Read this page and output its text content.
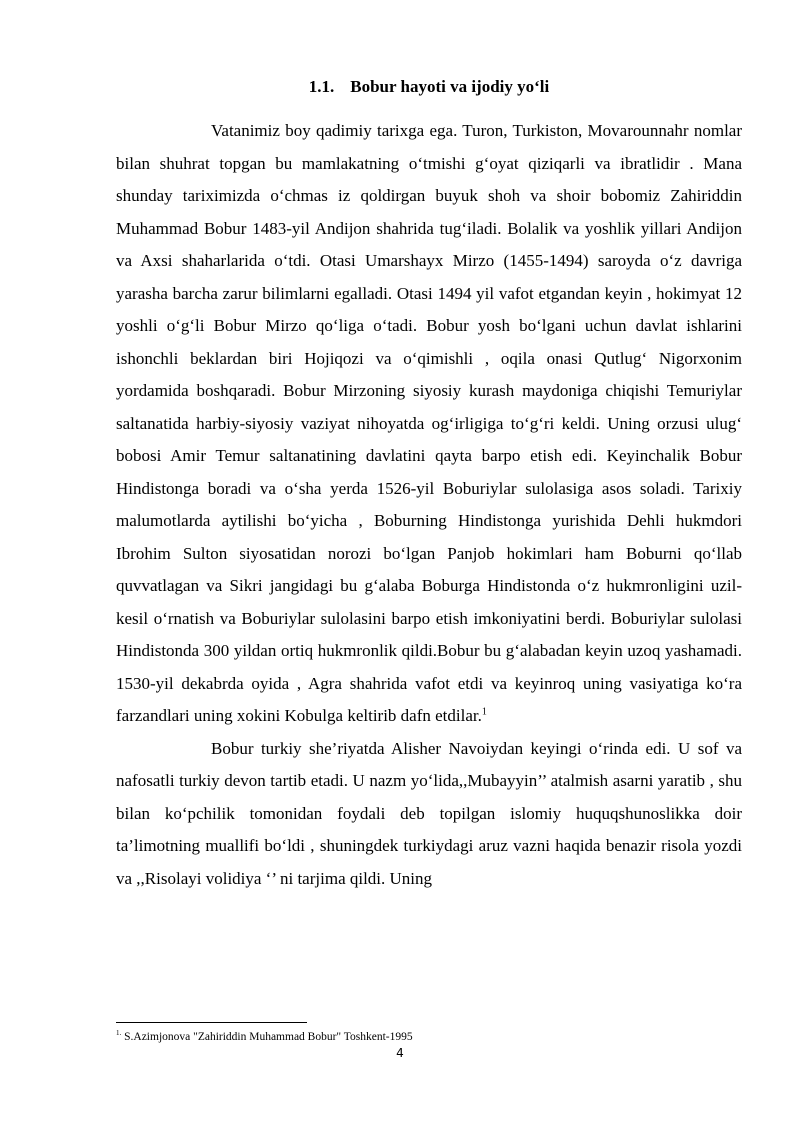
1.1. Bobur hayoti va ijodiy yo‘li

Vatanimiz boy qadimiy tarixga ega. Turon, Turkiston, Movarounnahr nomlar bilan shuhrat topgan bu mamlakatning o‘tmishi g‘oyat qiziqarli va ibratlidir . Mana shunday tariximizda o‘chmas iz qoldirgan buyuk shoh va shoir bobomiz Zahiriddin Muhammad Bobur 1483-yil Andijon shahrida tug‘iladi. Bolalik va yoshlik yillari Andijon va Axsi shaharlarida o‘tdi. Otasi Umarshayx Mirzo (1455-1494) saroyda o‘z davriga yarasha barcha zarur bilimlarni egalladi. Otasi 1494 yil vafot etgandan keyin , hokimyat 12 yoshli o‘g‘li Bobur Mirzo qo‘liga o‘tadi. Bobur yosh bo‘lgani uchun davlat ishlarini ishonchli beklardan biri Hojiqozi va o‘qimishli , oqila onasi Qutlug‘ Nigorxonim yordamida boshqaradi. Bobur Mirzoning siyosiy kurash maydoniga chiqishi Temuriylar saltanatida harbiy-siyosiy vaziyat nihoyatda og‘irligiga to‘g‘ri keldi. Uning orzusi ulug‘ bobosi Amir Temur saltanatining davlatini qayta barpo etish edi. Keyinchalik Bobur Hindistonga boradi va o‘sha yerda 1526-yil Boburiylar sulolasiga asos soladi. Tarixiy malumotlarda aytilishi bo‘yicha , Boburning Hindistonga yurishida Dehli hukmdori Ibrohim Sulton siyosatidan norozi bo‘lgan Panjob hokimlari ham Boburni qo‘llab quvvatlagan va Sikri jangidagi bu g‘alaba Boburga Hindistonda o‘z hukmronligini uzil-kesil o‘rnatish va Boburiylar sulolasini barpo etish imkoniyatini berdi. Boburiylar sulolasi Hindistonda 300 yildan ortiq hukmronlik qildi.Bobur bu g‘alabadan keyin uzoq yashamadi. 1530-yil dekabrda oyida , Agra shahrida vafot etdi va keyinroq uning vasiyatiga ko‘ra farzandlari uning xokini Kobulga keltirib dafn etdilar.$^1$

Bobur turkiy she’riyatda Alisher Navoiydan keyingi o‘rinda edi. U sof va nafosatli turkiy devon tartib etadi. U nazm yo‘lida,,Mubayyin’’ atalmish asarni yaratib , shu bilan ko‘pchilik tomonidan foydali deb topilgan islomiy huquqshunoslikka doir ta’limotning muallifi bo‘ldi , shuningdek turkiydagi aruz vazni haqida benazir risola yozdi va ,,Risolayi volidiya ‘’ ni tarjima qildi. Uning

$^{1.}$ S.Azimjonova "Zahiriddin Muhammad Bobur" Toshkent-1995
4
